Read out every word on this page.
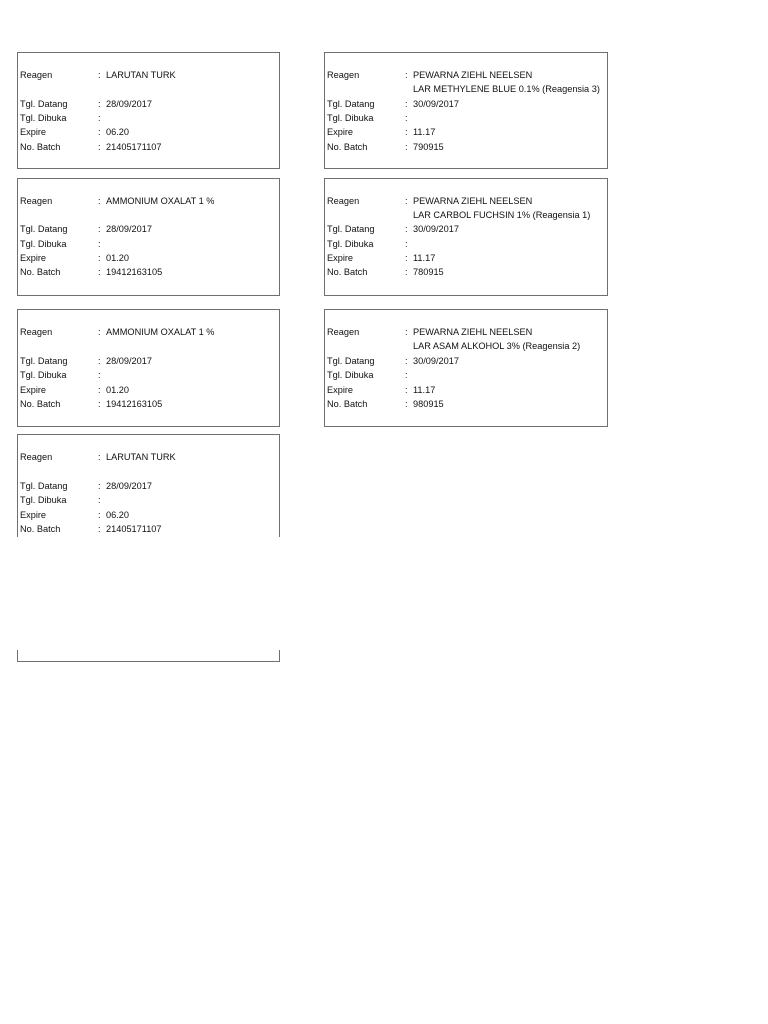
Reagen	: LARUTAN TURK
Tgl. Datang	: 28/09/2017
Tgl. Dibuka	:
Expire	: 06.20
No. Batch	: 21405171107
Reagen	: PEWARNA ZIEHL NEELSEN
LAR METHYLENE BLUE 0.1% (Reagensia 3)
Tgl. Datang	: 30/09/2017
Tgl. Dibuka	:
Expire	: 11.17
No. Batch	: 790915
Reagen	: AMMONIUM OXALAT 1 %
Tgl. Datang	: 28/09/2017
Tgl. Dibuka	:
Expire	: 01.20
No. Batch	: 19412163105
Reagen	: PEWARNA ZIEHL NEELSEN
LAR CARBOL FUCHSIN 1% (Reagensia 1)
Tgl. Datang	: 30/09/2017
Tgl. Dibuka	:
Expire	: 11.17
No. Batch	: 780915
Reagen	: AMMONIUM OXALAT 1 %
Tgl. Datang	: 28/09/2017
Tgl. Dibuka	:
Expire	: 01.20
No. Batch	: 19412163105
Reagen	: PEWARNA ZIEHL NEELSEN
LAR ASAM ALKOHOL 3% (Reagensia 2)
Tgl. Datang	: 30/09/2017
Tgl. Dibuka	:
Expire	: 11.17
No. Batch	: 980915
Reagen	: LARUTAN TURK
Tgl. Datang	: 28/09/2017
Tgl. Dibuka	:
Expire	: 06.20
No. Batch	: 21405171107
